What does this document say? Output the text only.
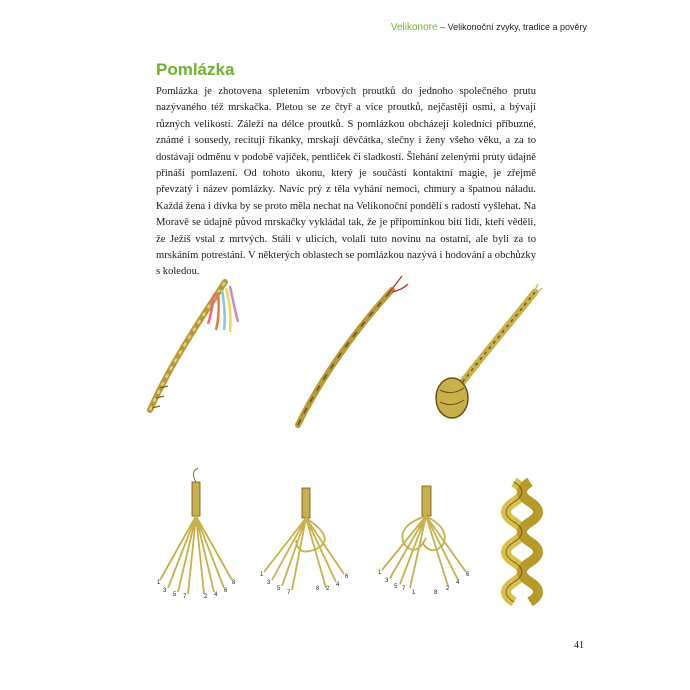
Velikonore – Velikonoční zvyky, tradice a pověry
Pomlázka

Pomlázka je zhotovena spletením vrbových proutků do jednoho společného prutu nazývaného též mrskačka. Pletou se ze čtyř a více proutků, nejčastěji osmi, a bývají různých velikostí. Záleží na délce proutků. S pomlázkou obcházejí koledníci příbuzné, známé i sousedy, recitují říkanky, mrskají děvčátka, slečny i ženy všeho věku, a za to dostávají odměnu v podobě vajíček, pentliček či sladkostí. Šlehání zelenými pruty údajně přináší pomlazení. Od tohoto úkonu, který je součástí kontaktní magie, je zřejmě převzatý i název pomlázky. Navíc prý z těla vyhání nemoci, chmury a špatnou náladu. Každá žena i dívka by se proto měla nechat na Velikonoční pondělí s radostí vyšlehat. Na Moravě se údajně původ mrskačky vykládal tak, že je připomínkou bití lidí, kteří věděli, že Ježíš vstal z mrtvých. Stáli v ulicích, volali tuto novinu na ostatní, ale byli za to mrskáním potrestáni. V některých oblastech se pomlázkou nazývá i hodování a obchůzky s koledou.

1
3
5 7	2 4
6
8
1
3
5
7
8 2
4
6
1
3
5 7
1	8
2
4
6
41
